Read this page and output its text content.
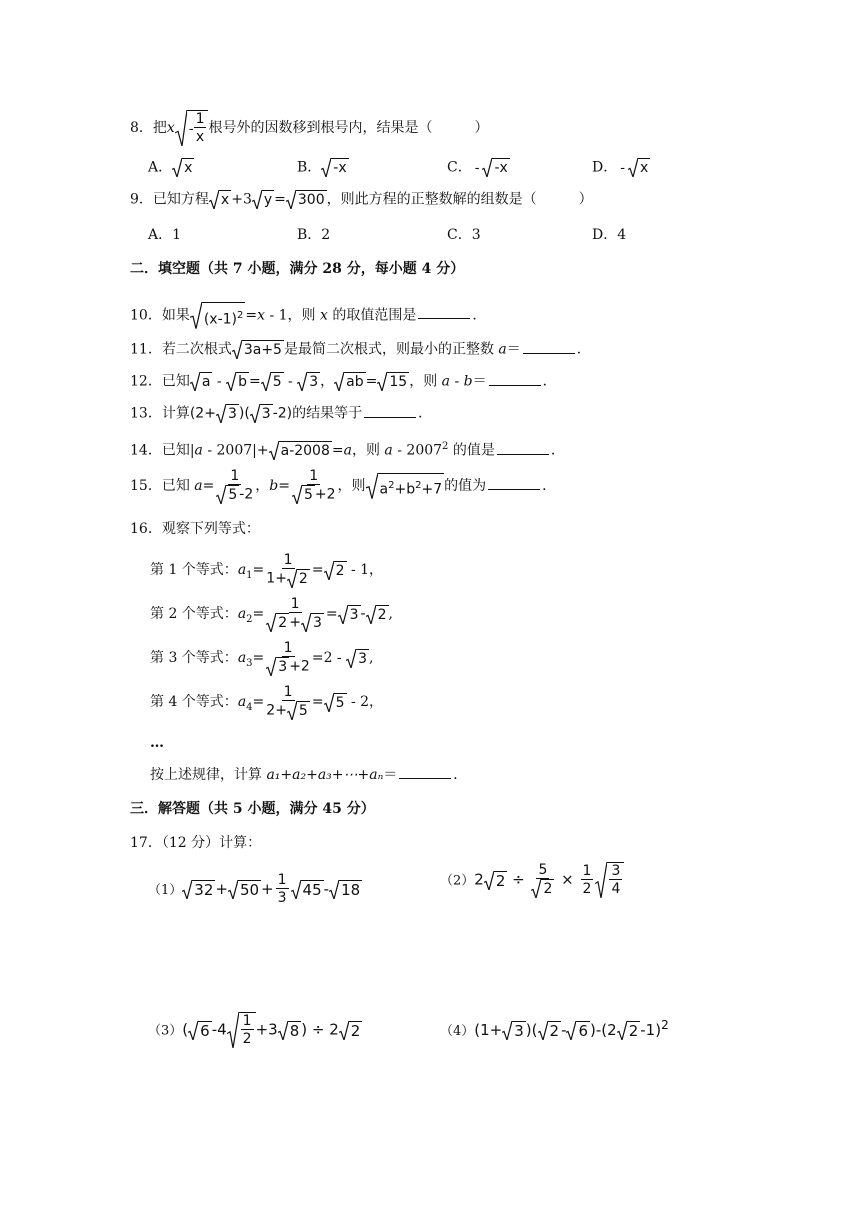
8．把x - $\frac{1}{x}$ 根号外的因数移到根号内，结果是（	）
A． x	B． -x	C． - -x	D． - x
9．已知方程 x +3 y = 300 ，则此方程的正整数解的组数是（	）
A．1	B．2	C．3	D．4
二．填空题（共 7 小题，满分 28 分，每小题 4 分）
10．如果 $(x-1)^2 =x - 1$，则 x 的取值范围是	．
11．若二次根式 3a+5 是最简二次根式，则最小的正整数 a＝	．
12．已知 a - b = 5 - 3 ， ab = 15 ，则 a - b＝	．
13．计算(2+ 3 )( 3 -2)的结果等于	．
14．已知|a - 2007|+ a-2008 =a，则 a - 2007$^2$ 的值是	．
15．已知 $a= \frac{1}{5 -2}$ ，$b= \frac{1}{5 +2}$ ，则 $a^2+b^2+7$ 的值为	．
16．观察下列等式：
第 1 个等式：$a_1= \frac{1}{1+ 2} = 2 - 1$，
第 2 个等式：$a_2= \frac{1}{2 + 3} = 3 - 2$ ,
第 3 个等式：$a_3= \frac{1}{3 +2} =2 - 3$ ,
第 4 个等式：$a_4= \frac{1}{2+ 5} = 5 - 2$，
…
按上述规律，计算 a₁+a₂+a₃+⋯+aₙ＝	．
三．解答题（共 5 小题，满分 45 分）
17．（12 分）计算：
（1） $32 + 50 + \frac{1}{3} 45 - 18$	（2）2 $2 \div \frac{5}{2} \times \frac{1}{2} \frac{3}{4}$
（3）( 6 $-4 \frac{1}{2} +3$ 8 ) ÷ 2 2	（4）(1+ 3 )( 2 - 6 )-(2 2 -1)$^2$
